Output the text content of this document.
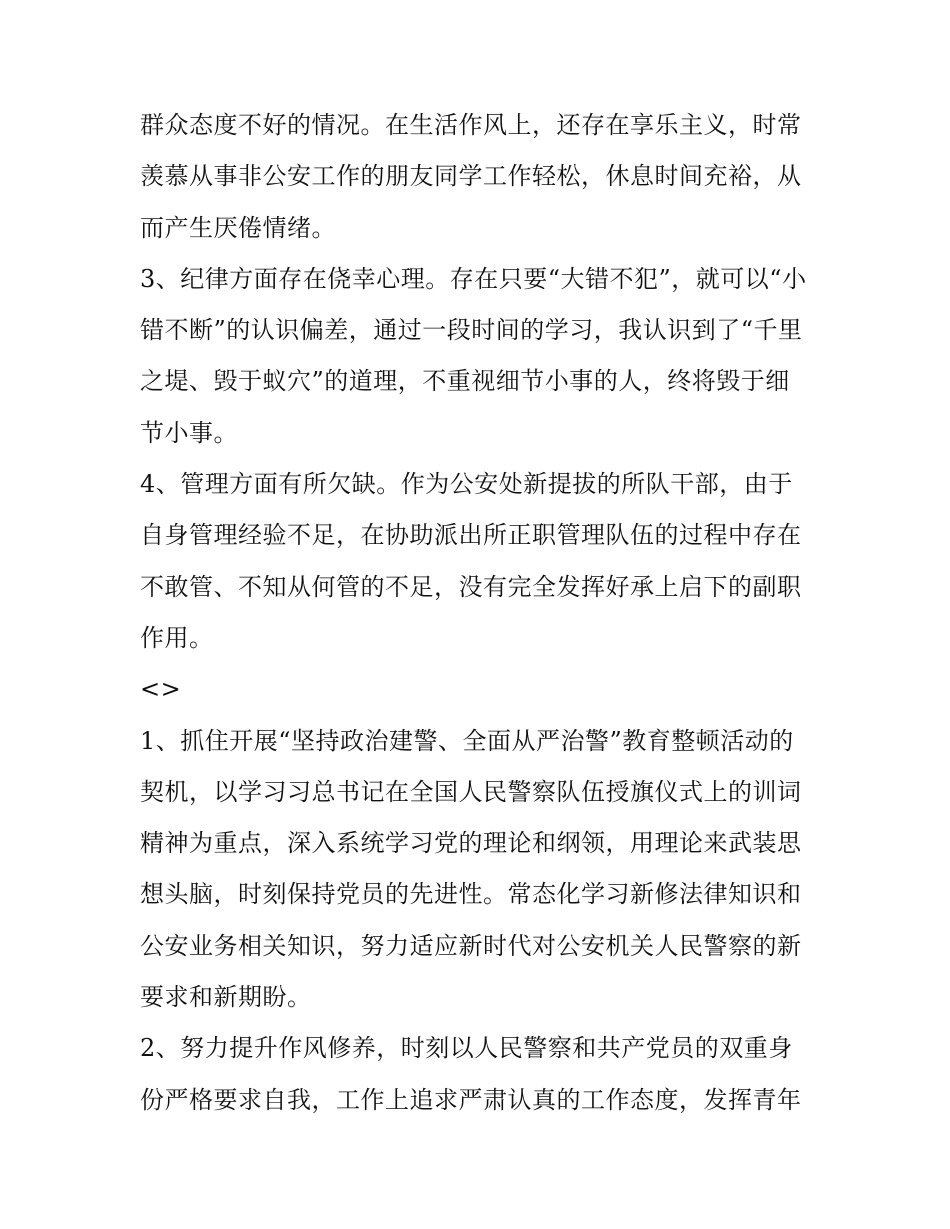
群众态度不好的情况。在生活作风上，还存在享乐主义，时常
羡慕从事非公安工作的朋友同学工作轻松，休息时间充裕，从
而产生厌倦情绪。
3、纪律方面存在侥幸心理。存在只要“大错不犯”，就可以“小
错不断”的认识偏差，通过一段时间的学习，我认识到了“千里
之堤、毁于蚁穴”的道理，不重视细节小事的人，终将毁于细
节小事。
4、管理方面有所欠缺。作为公安处新提拔的所队干部，由于
自身管理经验不足，在协助派出所正职管理队伍的过程中存在
不敢管、不知从何管的不足，没有完全发挥好承上启下的副职
作用。
<>
1、抓住开展“坚持政治建警、全面从严治警”教育整顿活动的
契机，以学习习总书记在全国人民警察队伍授旗仪式上的训词
精神为重点，深入系统学习党的理论和纲领，用理论来武装思
想头脑，时刻保持党员的先进性。常态化学习新修法律知识和
公安业务相关知识，努力适应新时代对公安机关人民警察的新
要求和新期盼。
2、努力提升作风修养，时刻以人民警察和共产党员的双重身
份严格要求自我，工作上追求严肃认真的工作态度，发挥青年
